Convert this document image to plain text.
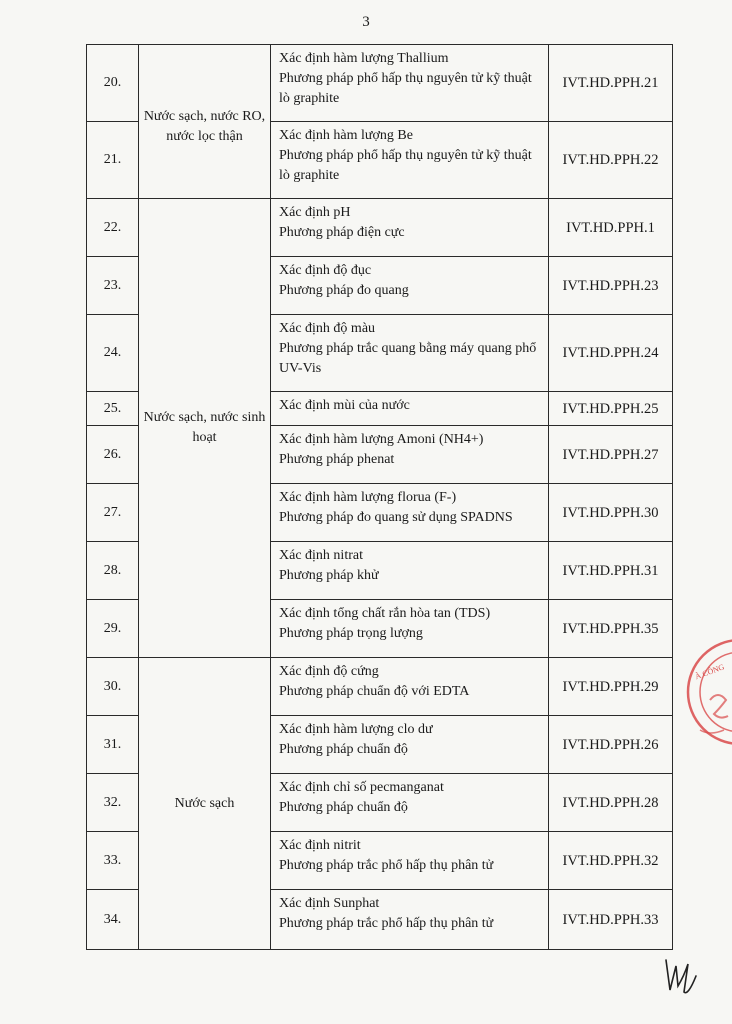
3
20.	Nước sạch, nước RO, nước lọc thận	Xác định hàm lượng Thallium
Phương pháp phổ hấp thụ nguyên tử kỹ thuật lò graphite	IVT.HD.PPH.21
21.		Xác định hàm lượng Be
Phương pháp phổ hấp thụ nguyên tử kỹ thuật lò graphite	IVT.HD.PPH.22
22.	Nước sạch, nước sinh hoạt	Xác định pH
Phương pháp điện cực	IVT.HD.PPH.1
23.		Xác định độ đục
Phương pháp đo quang	IVT.HD.PPH.23
24.		Xác định độ màu
Phương pháp trắc quang bằng máy quang phổ UV-Vis	IVT.HD.PPH.24
25.		Xác định mùi của nước	IVT.HD.PPH.25
26.		Xác định hàm lượng Amoni (NH4+)
Phương pháp phenat	IVT.HD.PPH.27
27.		Xác định hàm lượng florua (F-)
Phương pháp đo quang sử dụng SPADNS	IVT.HD.PPH.30
28.		Xác định nitrat
Phương pháp khử	IVT.HD.PPH.31
29.		Xác định tổng chất rắn hòa tan (TDS)
Phương pháp trọng lượng	IVT.HD.PPH.35
30.	Nước sạch	Xác định độ cứng
Phương pháp chuẩn độ với EDTA	IVT.HD.PPH.29
31.		Xác định hàm lượng clo dư
Phương pháp chuẩn độ	IVT.HD.PPH.26
32.		Xác định chỉ số pecmanganat
Phương pháp chuẩn độ	IVT.HD.PPH.28
33.		Xác định nitrit
Phương pháp trắc phổ hấp thụ phân tử	IVT.HD.PPH.32
34.		Xác định Sunphat
Phương pháp trắc phổ hấp thụ phân tử	IVT.HD.PPH.33
À CÔNG
